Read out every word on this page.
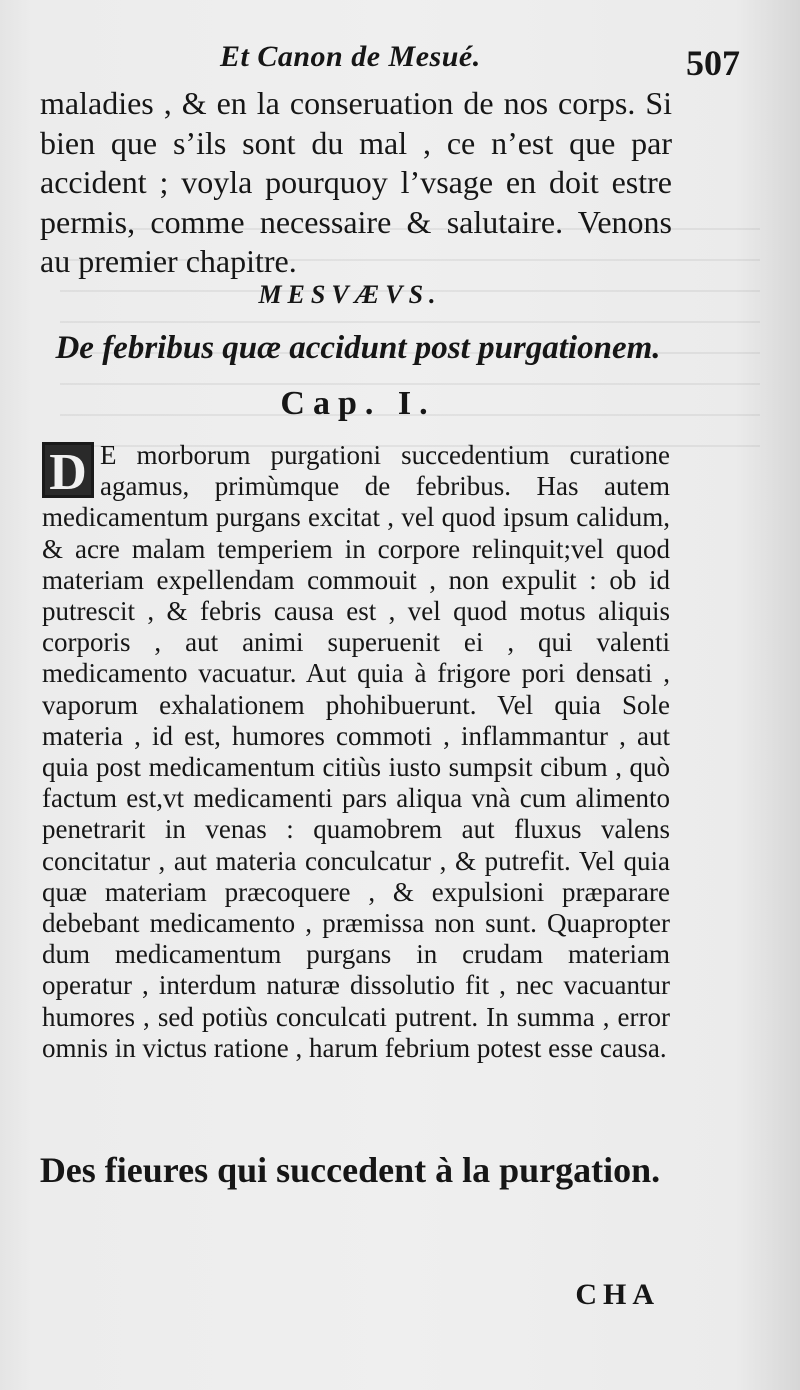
Et Canon de Mesué.	507

maladies , & en la conseruation de nos corps. Si bien que s’ils sont du mal , ce n’est que par accident ; voyla pourquoy l’vsage en doit estre permis, comme necessaire & salutaire. Venons au premier chapitre.

MESVÆVS.
De febribus quæ accidunt post purgationem.
Cap. I.

E morborum purgationi succedentium curatione agamus, primùmque de febribus. Has autem medicamentum purgans excitat , vel quod ipsum calidum, & acre malam temperiem in corpore relinquit;vel quod materiam expellendam commouit , non expulit : ob id putrescit , & febris causa est , vel quod motus aliquis corporis , aut animi superuenit ei , qui valenti medicamento vacuatur. Aut quia à frigore pori densati , vaporum exhalationem phohibuerunt. Vel quia Sole materia , id est, humores commoti , inflammantur , aut quia post medicamentum citiùs iusto sumpsit cibum , quò factum est,vt medicamenti pars aliqua vnà cum alimento penetrarit in venas : quamobrem aut fluxus valens concitatur , aut materia conculcatur , & putrefit. Vel quia quæ materiam præcoquere , & expulsioni præparare debebant medicamento , præmissa non sunt. Quapropter dum medicamentum purgans in crudam materiam operatur , interdum naturæ dissolutio fit , nec vacuantur humores , sed potiùs conculcati putrent. In summa , error omnis in victus ratione , harum febrium potest esse causa.

D
Des fieures qui succedent à la purgation.
CHA
